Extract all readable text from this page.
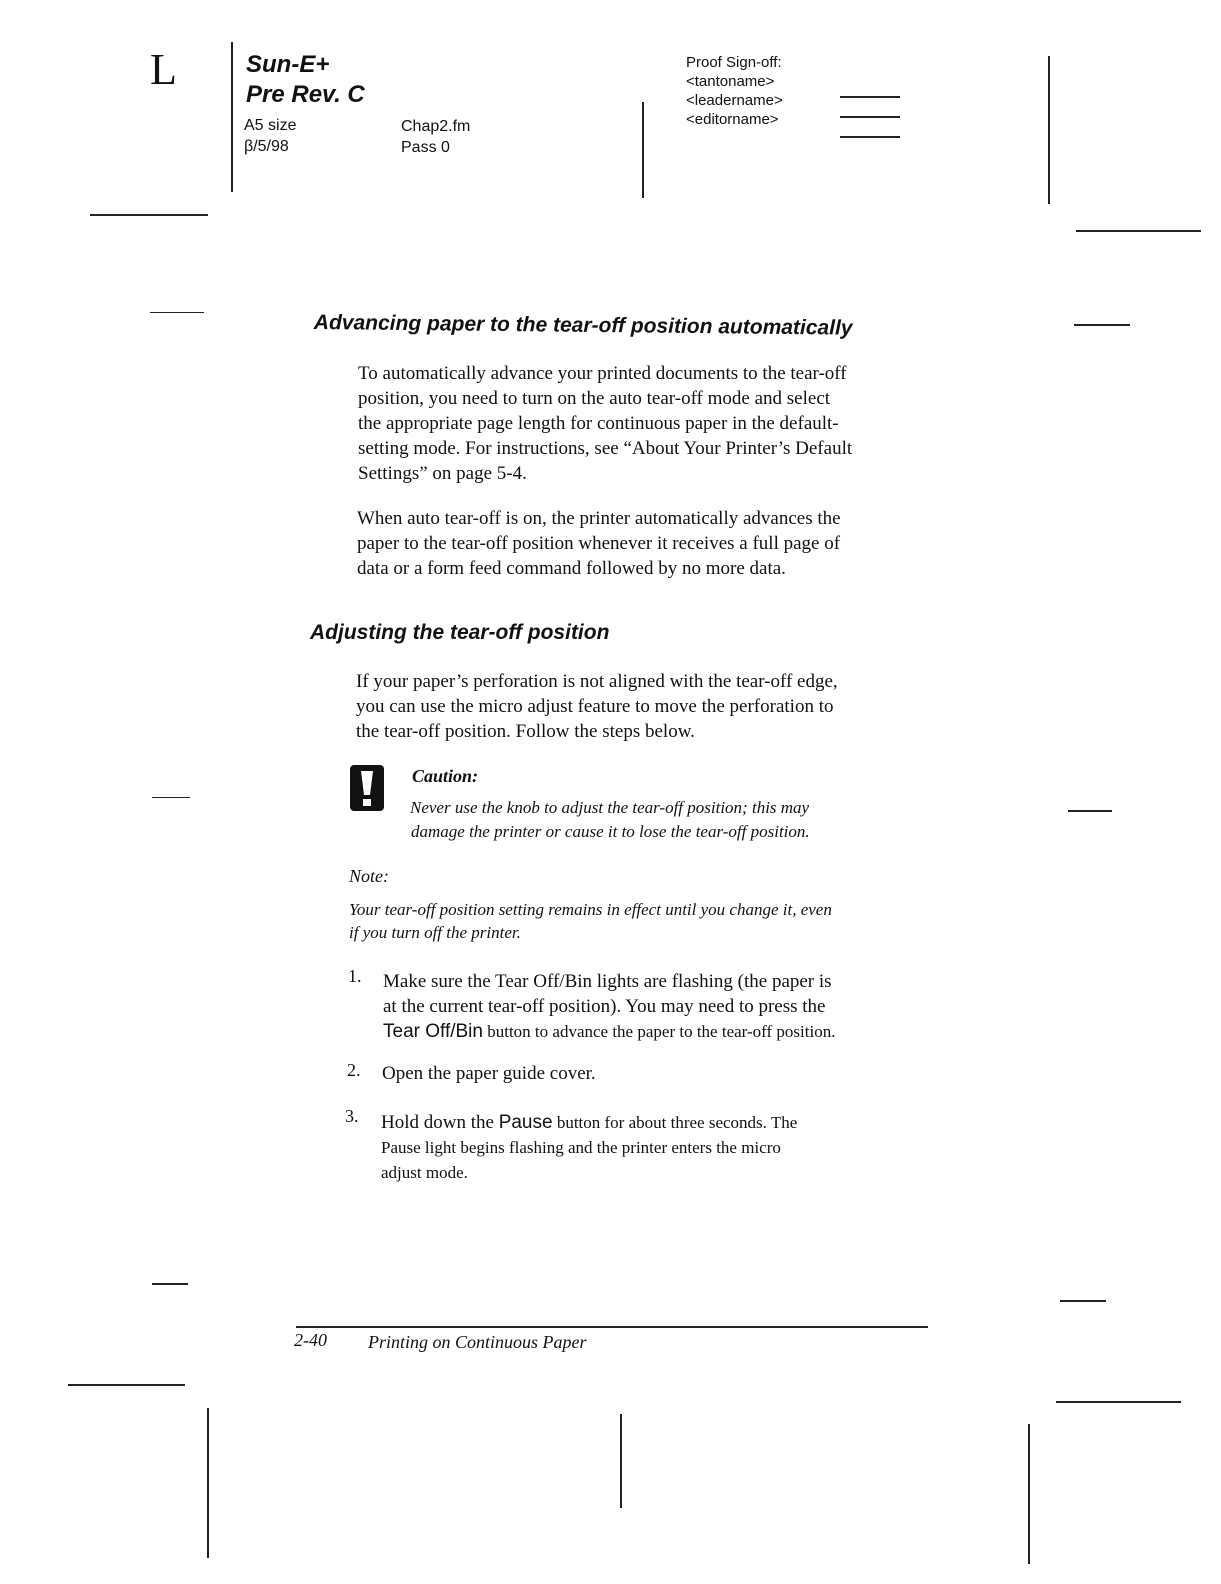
L	Sun-E+
Pre Rev. C
A5 size
β/5/98
Chap2.fm
Pass 0
Proof Sign-off:
<tantoname>
<leadername>
<editorname>
Advancing paper to the tear-off position automatically
To automatically advance your printed documents to the tear-off
position, you need to turn on the auto tear-off mode and select
the appropriate page length for continuous paper in the default-
setting mode. For instructions, see “About Your Printer’s Default
Settings” on page 5-4.
When auto tear-off is on, the printer automatically advances the
paper to the tear-off position whenever it receives a full page of
data or a form feed command followed by no more data.
Adjusting the tear-off position
If your paper’s perforation is not aligned with the tear-off edge,
you can use the micro adjust feature to move the perforation to
the tear-off position. Follow the steps below.
Caution:
Never use the knob to adjust the tear-off position; this may
damage the printer or cause it to lose the tear-off position.
Note:
Your tear-off position setting remains in effect until you change it, even
if you turn off the printer.
1. Make sure the Tear Off/Bin lights are flashing (the paper is
at the current tear-off position). You may need to press the
Tear Off/Bin button to advance the paper to the tear-off position.
2. Open the paper guide cover.
3. Hold down the Pause button for about three seconds. The
Pause light begins flashing and the printer enters the micro
adjust mode.
2-40 Printing on Continuous Paper
